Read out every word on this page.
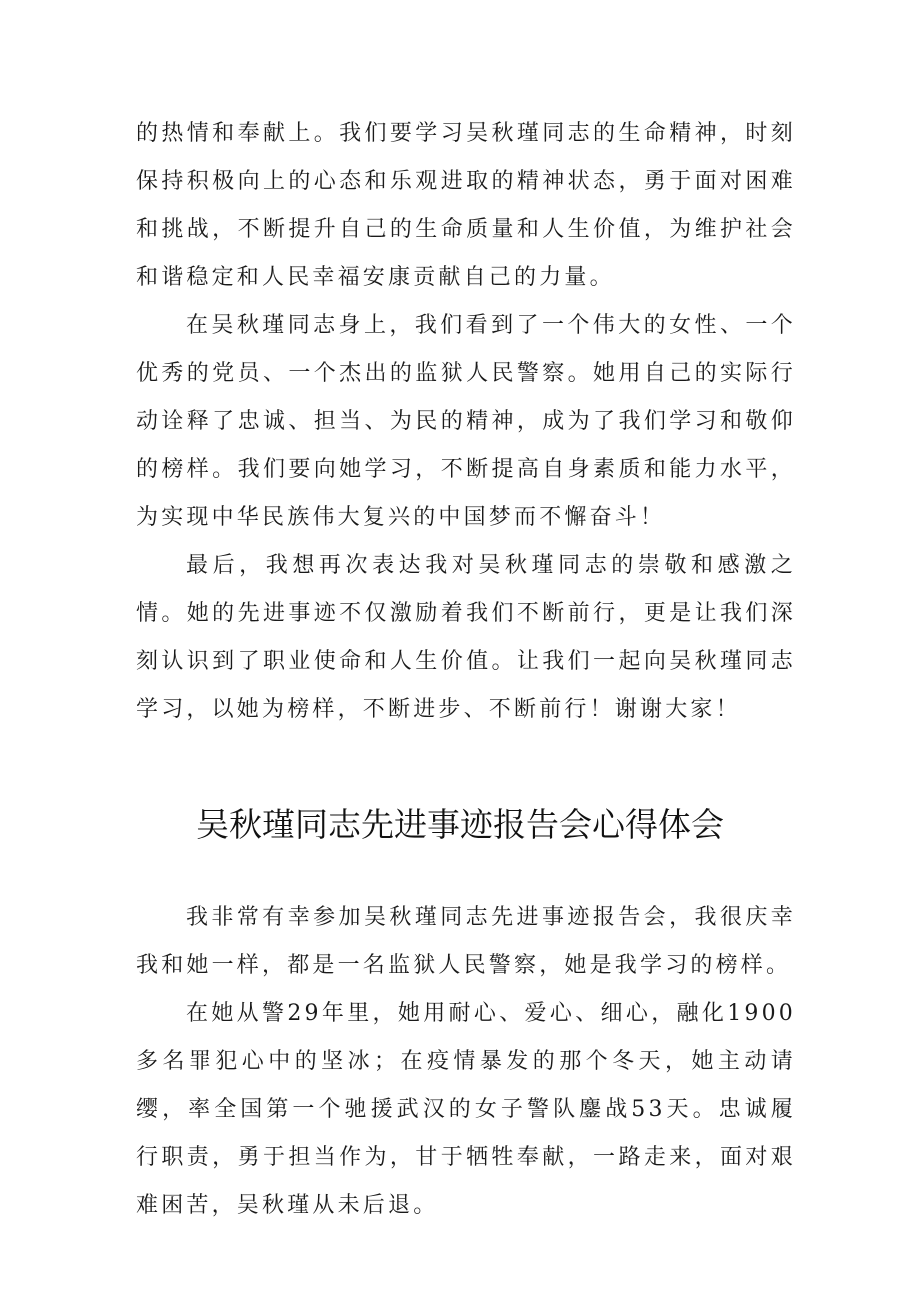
的热情和奉献上。我们要学习吴秋瑾同志的生命精神，时刻保持积极向上的心态和乐观进取的精神状态，勇于面对困难和挑战，不断提升自己的生命质量和人生价值，为维护社会和谐稳定和人民幸福安康贡献自己的力量。

在吴秋瑾同志身上，我们看到了一个伟大的女性、一个优秀的党员、一个杰出的监狱人民警察。她用自己的实际行动诠释了忠诚、担当、为民的精神，成为了我们学习和敬仰的榜样。我们要向她学习，不断提高自身素质和能力水平，为实现中华民族伟大复兴的中国梦而不懈奋斗！

最后，我想再次表达我对吴秋瑾同志的崇敬和感激之情。她的先进事迹不仅激励着我们不断前行，更是让我们深刻认识到了职业使命和人生价值。让我们一起向吴秋瑾同志学习，以她为榜样，不断进步、不断前行！谢谢大家！

吴秋瑾同志先进事迹报告会心得体会

我非常有幸参加吴秋瑾同志先进事迹报告会，我很庆幸我和她一样，都是一名监狱人民警察，她是我学习的榜样。

在她从警29年里，她用耐心、爱心、细心，融化1900多名罪犯心中的坚冰；在疫情暴发的那个冬天，她主动请缨，率全国第一个驰援武汉的女子警队鏖战53天。忠诚履行职责，勇于担当作为，甘于牺牲奉献，一路走来，面对艰难困苦，吴秋瑾从未后退。
